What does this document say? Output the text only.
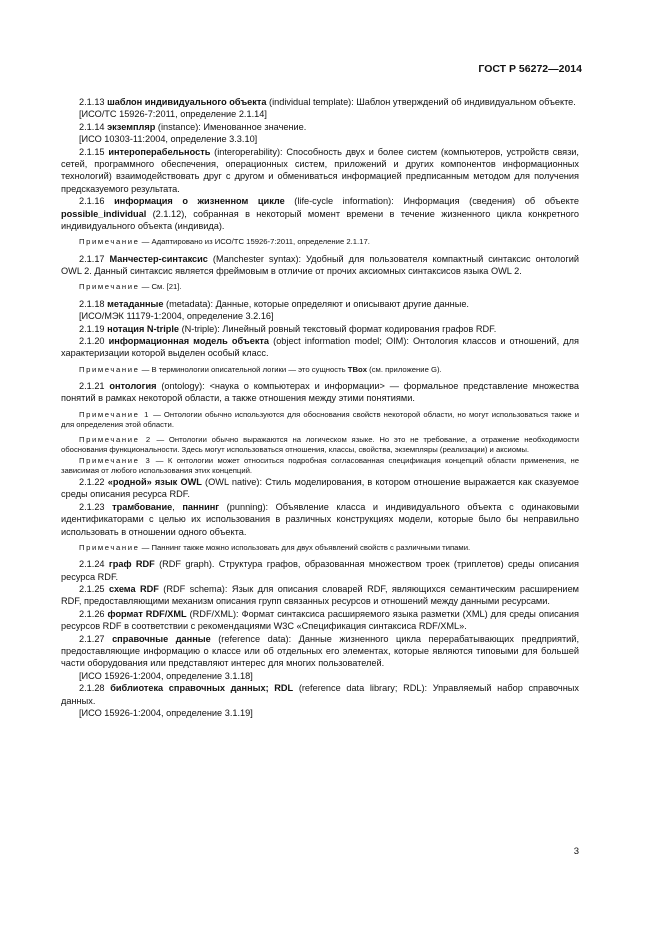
ГОСТ Р 56272—2014

2.1.13 шаблон индивидуального объекта (individual template): Шаблон утверждений об индивидуальном объекте.

[ИСО/ТС 15926-7:2011, определение 2.1.14]

2.1.14 экземпляр (instance): Именованное значение.

[ИСО 10303-11:2004, определение 3.3.10]

2.1.15 интероперабельность (interoperability): Способность двух и более систем (компьютеров, устройств связи, сетей, программного обеспечения, операционных систем, приложений и других компонентов информационных технологий) взаимодействовать друг с другом и обмениваться информацией предписанным методом для получения предсказуемого результата.

2.1.16 информация о жизненном цикле (life-cycle information): Информация (сведения) об объекте possible_individual (2.1.12), собранная в некоторый момент времени в течение жизненного цикла конкретного индивидуального объекта (индивида).

Примечание — Адаптировано из ИСО/ТС 15926-7:2011, определение 2.1.17.

2.1.17 Манчестер-синтаксис (Manchester syntax): Удобный для пользователя компактный синтаксис онтологий OWL 2. Данный синтаксис является фреймовым в отличие от прочих аксиомных синтаксисов языка OWL 2.

Примечание — См. [21].

2.1.18 метаданные (metadata): Данные, которые определяют и описывают другие данные.

[ИСО/МЭК 11179-1:2004, определение 3.2.16]

2.1.19 нотация N-triple (N-triple): Линейный ровный текстовый формат кодирования графов RDF.

2.1.20 информационная модель объекта (object information model; OIM): Онтология классов и отношений, для характеризации которой выделен особый класс.

Примечание — В терминологии описательной логики — это сущность TBox (см. приложение G).

2.1.21 онтология (ontology): <наука о компьютерах и информации> — формальное представление множества понятий в рамках некоторой области, а также отношения между этими понятиями.

Примечание 1 — Онтологии обычно используются для обоснования свойств некоторой области, но могут использоваться также и для определения этой области.

Примечание 2 — Онтологии обычно выражаются на логическом языке. Но это не требование, а отражение необходимости обоснования функциональности. Здесь могут использоваться отношения, классы, свойства, экземпляры (реализации) и аксиомы.

Примечание 3 — К онтологии может относиться подробная согласованная спецификация концепций области применения, не зависимая от любого использования этих концепций.

2.1.22 «родной» язык OWL (OWL native): Стиль моделирования, в котором отношение выражается как сказуемое среды описания ресурса RDF.

2.1.23 трамбование, паннинг (punning): Объявление класса и индивидуального объекта с одинаковыми идентификаторами с целью их использования в различных конструкциях модели, которые было бы неправильно использовать в отношении одного объекта.

Примечание — Паннинг также можно использовать для двух объявлений свойств с различными типами.

2.1.24 граф RDF (RDF graph). Структура графов, образованная множеством троек (триплетов) среды описания ресурса RDF.

2.1.25 схема RDF (RDF schema): Язык для описания словарей RDF, являющихся семантическим расширением RDF, предоставляющими механизм описания групп связанных ресурсов и отношений между данными ресурсами.

2.1.26 формат RDF/XML (RDF/XML): Формат синтаксиса расширяемого языка разметки (XML) для среды описания ресурсов RDF в соответствии с рекомендациями W3C «Спецификация синтаксиса RDF/XML».

2.1.27 справочные данные (reference data): Данные жизненного цикла перерабатывающих предприятий, предоставляющие информацию о классе или об отдельных его элементах, которые являются типовыми для большей части оборудования или представляют интерес для многих пользователей.

[ИСО 15926-1:2004, определение 3.1.18]

2.1.28 библиотека справочных данных; RDL (reference data library; RDL): Управляемый набор справочных данных.

[ИСО 15926-1:2004, определение 3.1.19]

3
